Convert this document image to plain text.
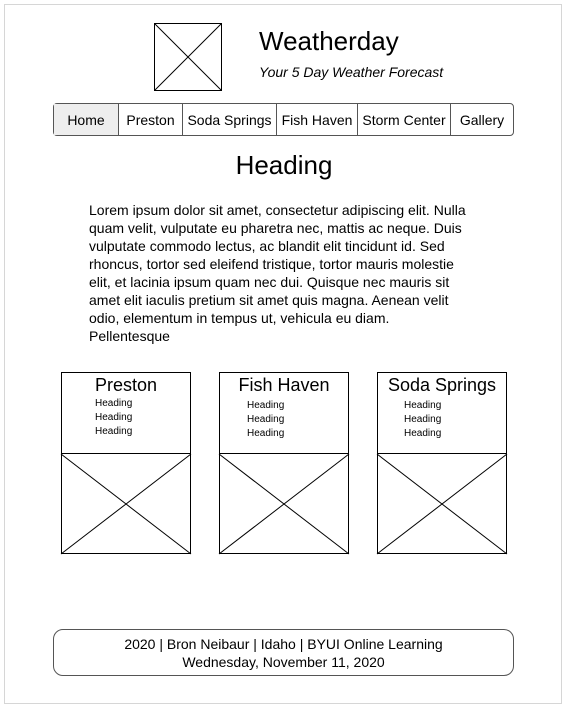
Weatherday
Your 5 Day Weather Forecast
Home	Preston Soda Springs Fish Haven Storm Center	Gallery
Heading
Lorem ipsum dolor sit amet, consectetur adipiscing elit. Nulla quam velit, vulputate eu pharetra nec, mattis ac neque. Duis vulputate commodo lectus, ac blandit elit tincidunt id. Sed rhoncus, tortor sed eleifend tristique, tortor mauris molestie elit, et lacinia ipsum quam nec dui. Quisque nec mauris sit amet elit iaculis pretium sit amet quis magna. Aenean velit odio, elementum in tempus ut, vehicula eu diam. Pellentesque
Preston
Heading
Heading
Heading
Fish Haven
Heading
Heading
Heading
Soda Springs
Heading
Heading
Heading
2020 | Bron Neibaur | Idaho | BYUI Online Learning
Wednesday, November 11, 2020
